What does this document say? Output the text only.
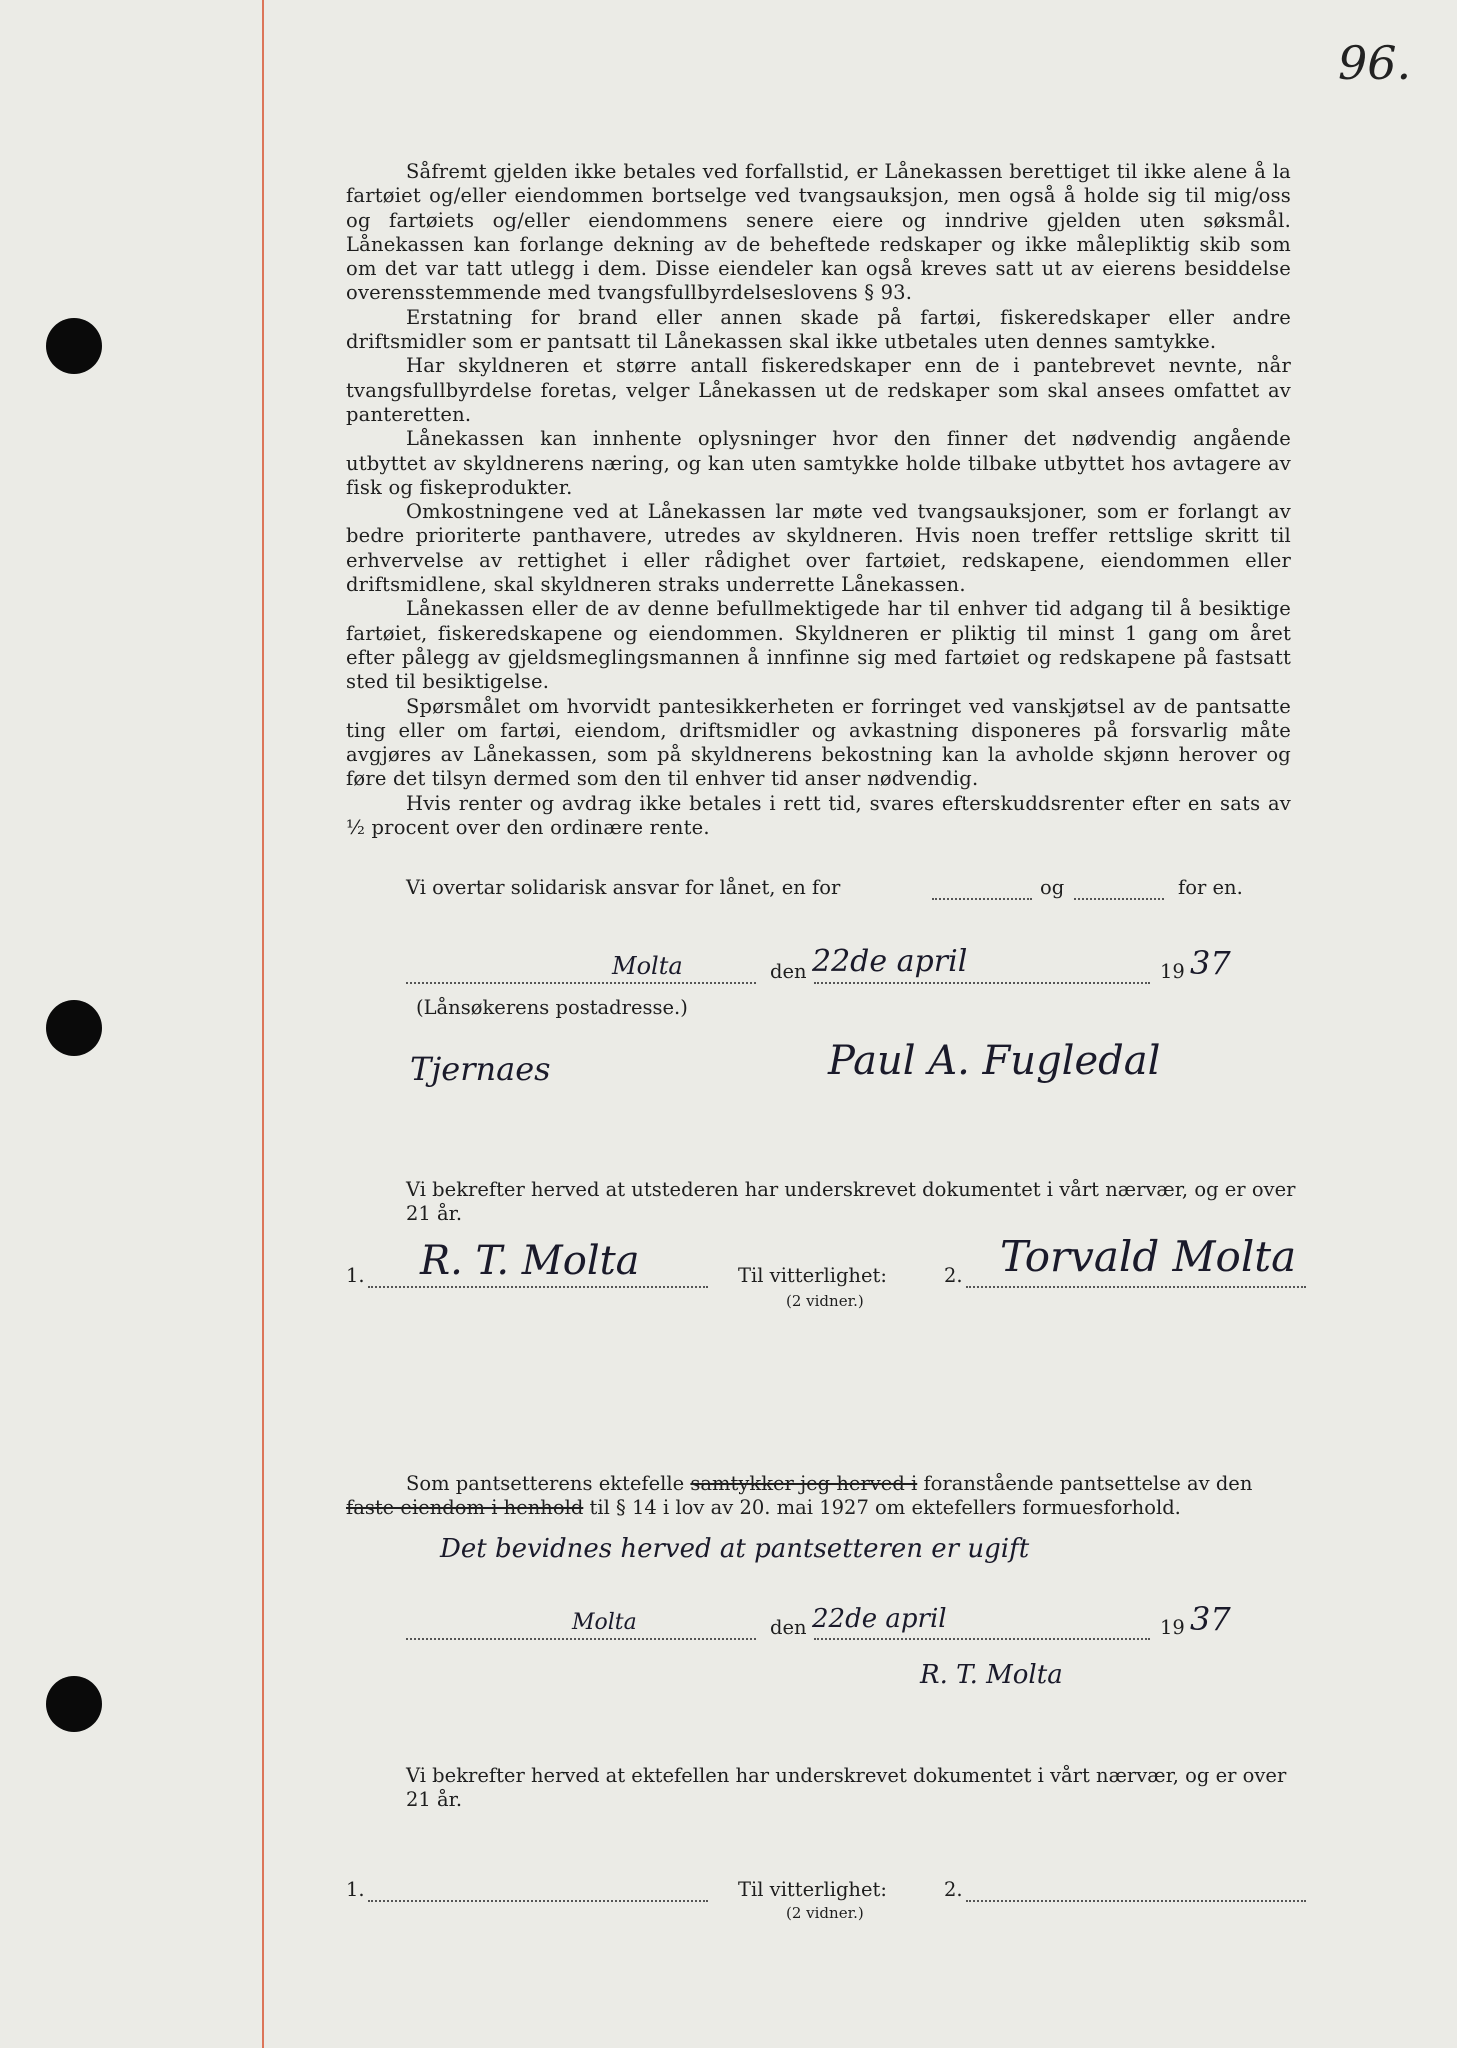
96.

Såfremt gjelden ikke betales ved forfallstid, er Lånekassen berettiget til ikke alene å la fartøiet og/eller eiendommen bortselge ved tvangsauksjon, men også å holde sig til mig/oss og fartøiets og/eller eiendommens senere eiere og inndrive gjelden uten søksmål. Lånekassen kan forlange dekning av de beheftede redskaper og ikke målepliktig skib som om det var tatt utlegg i dem. Disse eiendeler kan også kreves satt ut av eierens besiddelse overensstemmende med tvangsfullbyrdelseslovens § 93.

Erstatning for brand eller annen skade på fartøi, fiskeredskaper eller andre driftsmidler som er pantsatt til Lånekassen skal ikke utbetales uten dennes samtykke.

Har skyldneren et større antall fiskeredskaper enn de i pantebrevet nevnte, når tvangsfullbyrdelse foretas, velger Lånekassen ut de redskaper som skal ansees omfattet av panteretten.

Lånekassen kan innhente oplysninger hvor den finner det nødvendig angående utbyttet av skyldnerens næring, og kan uten samtykke holde tilbake utbyttet hos avtagere av fisk og fiskeprodukter.

Omkostningene ved at Lånekassen lar møte ved tvangsauksjoner, som er forlangt av bedre prioriterte panthavere, utredes av skyldneren. Hvis noen treffer rettslige skritt til erhvervelse av rettighet i eller rådighet over fartøiet, redskapene, eiendommen eller driftsmidlene, skal skyldneren straks underrette Lånekassen.

Lånekassen eller de av denne befullmektigede har til enhver tid adgang til å besiktige fartøiet, fiskeredskapene og eiendommen. Skyldneren er pliktig til minst 1 gang om året efter pålegg av gjeldsmeglingsmannen å innfinne sig med fartøiet og redskapene på fastsatt sted til besiktigelse.

Spørsmålet om hvorvidt pantesikkerheten er forringet ved vanskjøtsel av de pantsatte ting eller om fartøi, eiendom, driftsmidler og avkastning disponeres på forsvarlig måte avgjøres av Lånekassen, som på skyldnerens bekostning kan la avholde skjønn herover og føre det tilsyn dermed som den til enhver tid anser nødvendig.

Hvis renter og avdrag ikke betales i rett tid, svares efterskuddsrenter efter en sats av ½ procent over den ordinære rente.

Vi overtar solidarisk ansvar for lånet, en for	og	for en.
Molta	den 22de april	19 37
(Lånsøkerens postadresse.)
Tjernaes	Paul A. Fugledal
Vi bekrefter herved at utstederen har underskrevet dokumentet i vårt nærvær, og er over 21 år.
1. R. T. Molta	Til vitterlighet:	2. Torvald Molta
(2 vidner.)
Som pantsetterens ektefelle samtykker jeg herved i foranstående pantsettelse av den faste eiendom i henhold til § 14 i lov av 20. mai 1927 om ektefellers formuesforhold.
Det bevidnes herved at pantsetteren er ugift
Molta	den 22de april	19 37
R. T. Molta
Vi bekrefter herved at ektefellen har underskrevet dokumentet i vårt nærvær, og er over 21 år.
1.	Til vitterlighet:	2.
(2 vidner.)
